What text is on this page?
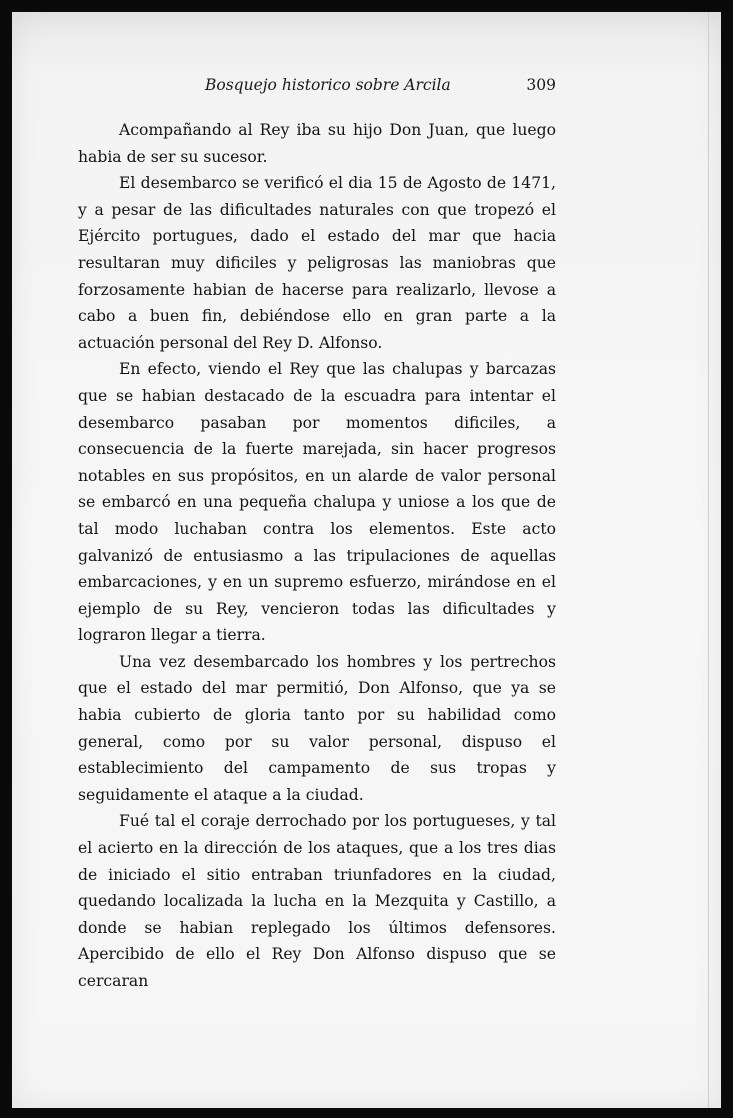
Bosquejo historico sobre Arcila	309

Acompañando al Rey iba su hijo Don Juan, que luego habia de ser su sucesor.

El desembarco se verificó el dia 15 de Agosto de 1471, y a pesar de las dificultades naturales con que tropezó el Ejército portugues, dado el estado del mar que hacia resultaran muy dificiles y peligrosas las maniobras que forzosamente habian de hacerse para realizarlo, llevose a cabo a buen fin, debiéndose ello en gran parte a la actuación personal del Rey D. Alfonso.

En efecto, viendo el Rey que las chalupas y barcazas que se habian destacado de la escuadra para intentar el desembarco pasaban por momentos dificiles, a consecuencia de la fuerte marejada, sin hacer progresos notables en sus propósitos, en un alarde de valor personal se embarcó en una pequeña chalupa y uniose a los que de tal modo luchaban contra los elementos. Este acto galvanizó de entusiasmo a las tripulaciones de aquellas embarcaciones, y en un supremo esfuerzo, mirándose en el ejemplo de su Rey, vencieron todas las dificultades y lograron llegar a tierra.

Una vez desembarcado los hombres y los pertrechos que el estado del mar permitió, Don Alfonso, que ya se habia cubierto de gloria tanto por su habilidad como general, como por su valor personal, dispuso el establecimiento del campamento de sus tropas y seguidamente el ataque a la ciudad.

Fué tal el coraje derrochado por los portugueses, y tal el acierto en la dirección de los ataques, que a los tres dias de iniciado el sitio entraban triunfadores en la ciudad, quedando localizada la lucha en la Mezquita y Castillo, a donde se habian replegado los últimos defensores. Apercibido de ello el Rey Don Alfonso dispuso que se cercaran
